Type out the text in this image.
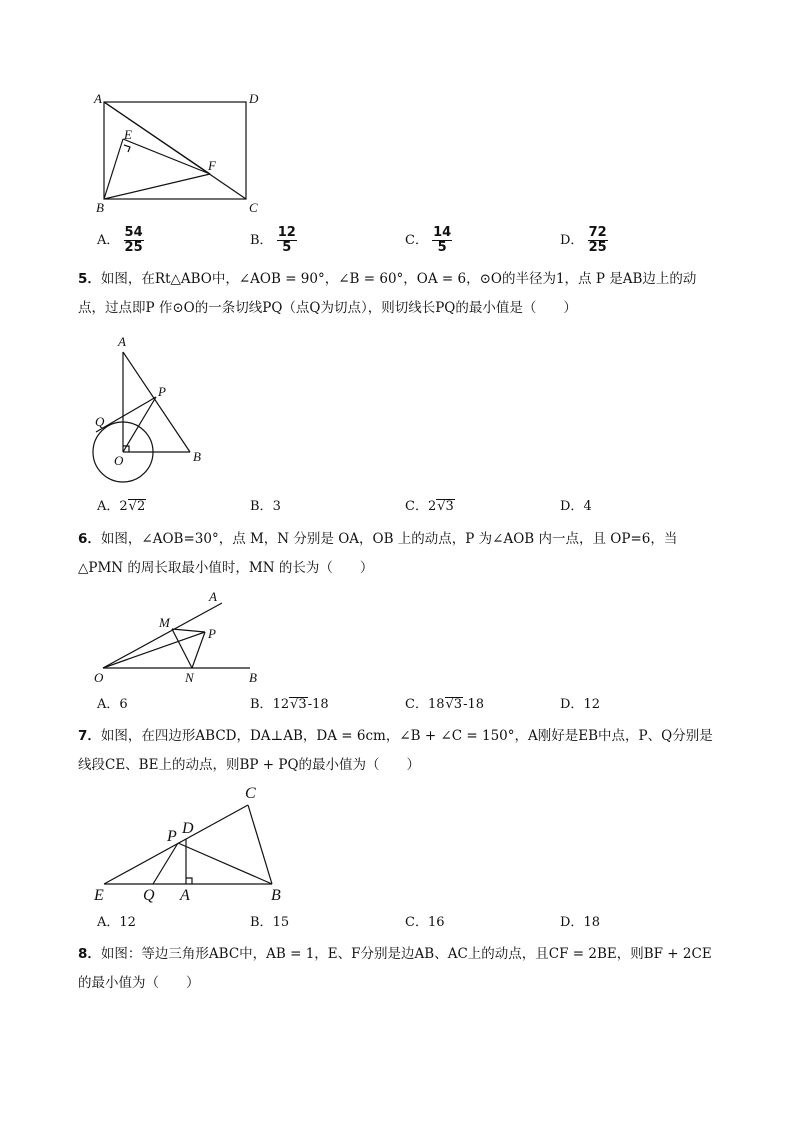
A	D
E
F
B	C
A． $\frac{54}{25}$	B． $\frac{12}{5}$	C． $\frac{14}{5}$	D． $\frac{72}{25}$
5．如图，在Rt△ABO中，∠AOB = 90°，∠B = 60°，OA = 6，⊙O的半径为1，点 P 是AB边上的动
点，过点即P 作⊙O的一条切线PQ（点Q为切点），则切线长PQ的最小值是（　　）
A
P
Q
O	B
A．2√2	B．3	C．2√3	D．4
6．如图，∠AOB=30°，点 M，N 分别是 OA，OB 上的动点，P 为∠AOB 内一点，且 OP=6，当
△PMN 的周长取最小值时，MN 的长为（　　）
A
M
P
O	N	B
A．6	B．12√3-18	C．18√3-18	D．12
7．如图，在四边形ABCD，DA⊥AB，DA = 6cm，∠B + ∠C = 150°，A刚好是EB中点，P、Q分别是
线段CE、BE上的动点，则BP + PQ的最小值为（　　）
C
P D
E Q A	B
A．12	B．15	C．16	D．18
8．如图：等边三角形ABC中，AB = 1，E、F分别是边AB、AC上的动点，且CF = 2BE，则BF + 2CE
的最小值为（　　）
